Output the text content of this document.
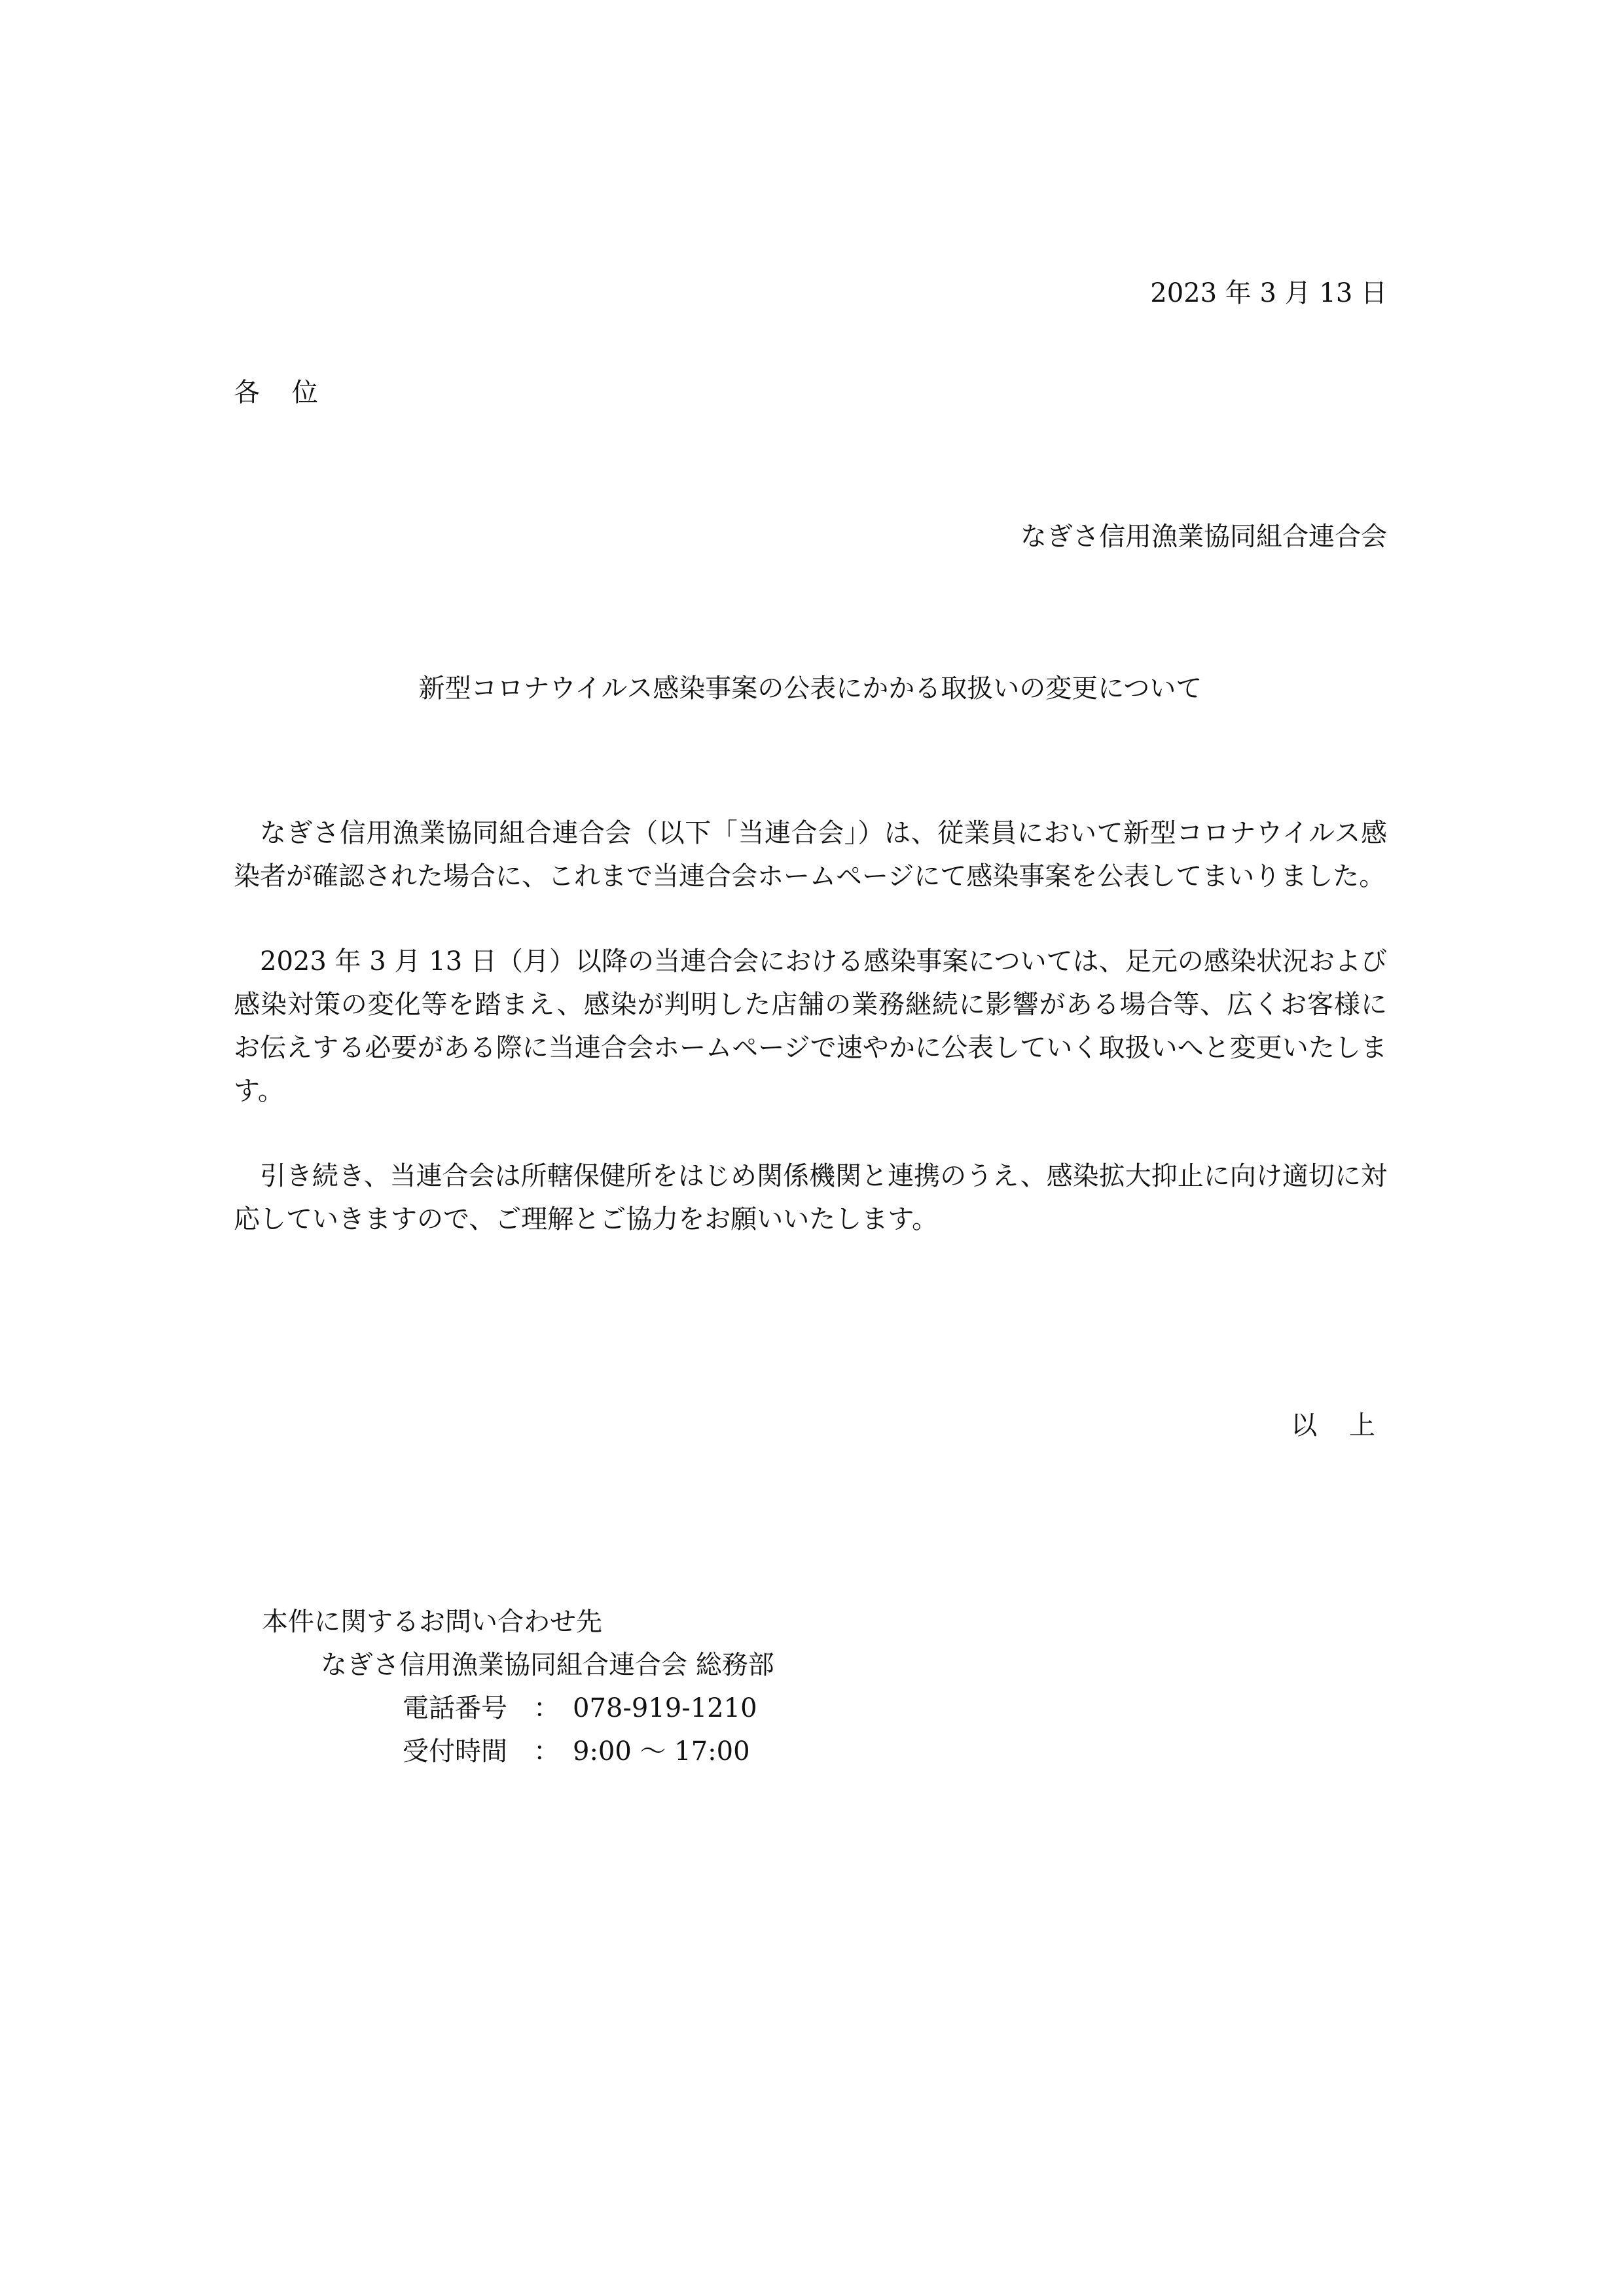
2023 年 3 月 13 日
各 位
なぎさ信用漁業協同組合連合会
新型コロナウイルス感染事案の公表にかかる取扱いの変更について

なぎさ信用漁業協同組合連合会（以下「当連合会」）は、従業員において新型コロナウイルス感染者が確認された場合に、これまで当連合会ホームページにて感染事案を公表してまいりました。

2023 年 3 月 13 日（月）以降の当連合会における感染事案については、足元の感染状況および感染対策の変化等を踏まえ、感染が判明した店舗の業務継続に影響がある場合等、広くお客様にお伝えする必要がある際に当連合会ホームページで速やかに公表していく取扱いへと変更いたします。

引き続き、当連合会は所轄保健所をはじめ関係機関と連携のうえ、感染拡大抑止に向け適切に対応していきますので、ご理解とご協力をお願いいたします。

以 上
本件に関するお問い合わせ先
なぎさ信用漁業協同組合連合会 総務部
電話番号 ： 078-919-1210
受付時間 ： 9:00 〜 17:00
